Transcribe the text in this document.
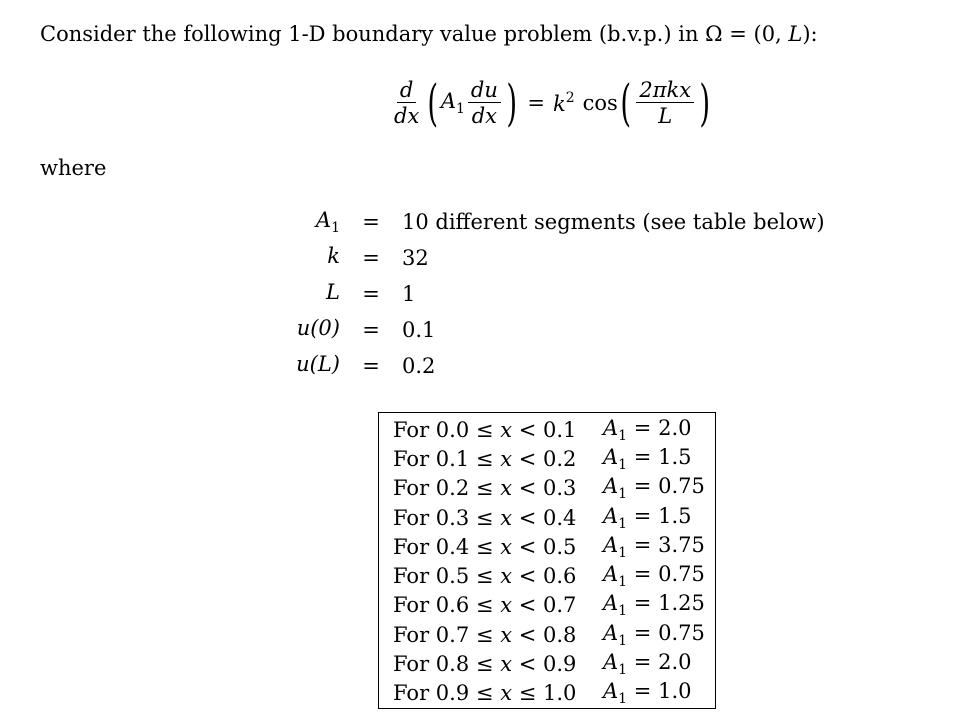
Consider the following 1-D boundary value problem (b.v.p.) in Ω = (0, L):
$\frac{d}{dx}$ ( $A_1 \frac{du}{dx}$ ) = $k^2$ cos ( $\frac{\text{2πkx}}{L}$ )
where
$A_1$	=	10 different segments (see table below)
k	=	32
L	=	1
u(0)	=	0.1
u(L)	=	0.2
For 0.0 ≤ x < 0.1	$A_1 = 2.0$
For 0.1 ≤ x < 0.2	$A_1 = 1.5$
For 0.2 ≤ x < 0.3	$A_1 = 0.75$
For 0.3 ≤ x < 0.4	$A_1 = 1.5$
For 0.4 ≤ x < 0.5	$A_1 = 3.75$
For 0.5 ≤ x < 0.6	$A_1 = 0.75$
For 0.6 ≤ x < 0.7	$A_1 = 1.25$
For 0.7 ≤ x < 0.8	$A_1 = 0.75$
For 0.8 ≤ x < 0.9	$A_1 = 2.0$
For 0.9 ≤ x ≤ 1.0	$A_1 = 1.0$
